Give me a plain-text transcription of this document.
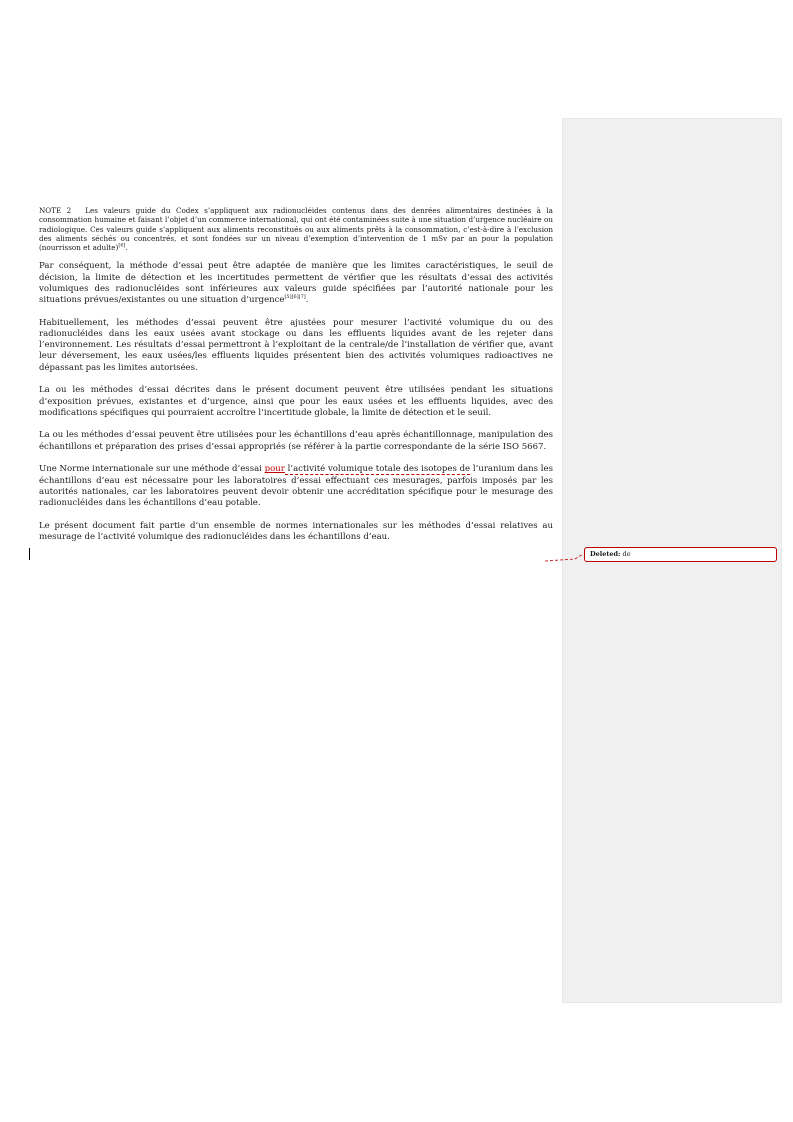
NOTE 2 Les valeurs guide du Codex s’appliquent aux radionucléides contenus dans des denrées alimentaires destinées à la consommation humaine et faisant l’objet d’un commerce international, qui ont été contaminées suite à une situation d’urgence nucléaire ou radiologique. Ces valeurs guide s’appliquent aux aliments reconstitués ou aux aliments prêts à la consommation, c’est-à-dire à l’exclusion des aliments séchés ou concentrés, et sont fondées sur un niveau d’exemption d’intervention de 1 mSv par an pour la population (nourrisson et adulte)[6].

Par conséquent, la méthode d’essai peut être adaptée de manière que les limites caractéristiques, le seuil de décision, la limite de détection et les incertitudes permettent de vérifier que les résultats d’essai des activités volumiques des radionucléides sont inférieures aux valeurs guide spécifiées par l’autorité nationale pour les situations prévues/existantes ou une situation d’urgence[5][6][7].

Habituellement, les méthodes d’essai peuvent être ajustées pour mesurer l’activité volumique du ou des radionucléides dans les eaux usées avant stockage ou dans les effluents liquides avant de les rejeter dans l’environnement. Les résultats d’essai permettront à l’exploitant de la centrale/de l’installation de vérifier que, avant leur déversement, les eaux usées/les effluents liquides présentent bien des activités volumiques radioactives ne dépassant pas les limites autorisées.

La ou les méthodes d’essai décrites dans le présent document peuvent être utilisées pendant les situations d’exposition prévues, existantes et d’urgence, ainsi que pour les eaux usées et les effluents liquides, avec des modifications spécifiques qui pourraient accroître l’incertitude globale, la limite de détection et le seuil.

La ou les méthodes d’essai peuvent être utilisées pour les échantillons d’eau après échantillonnage, manipulation des échantillons et préparation des prises d’essai appropriés (se référer à la partie correspondante de la série ISO 5667.

Une Norme internationale sur une méthode d’essai pour l’activité volumique totale des isotopes de l’uranium dans les échantillons d’eau est nécessaire pour les laboratoires d’essai effectuant ces mesurages, parfois imposés par les autorités nationales, car les laboratoires peuvent devoir obtenir une accréditation spécifique pour le mesurage des radionucléides dans les échantillons d’eau potable.

Le présent document fait partie d’un ensemble de normes internationales sur les méthodes d’essai relatives au mesurage de l’activité volumique des radionucléides dans les échantillons d’eau.

Deleted: de
